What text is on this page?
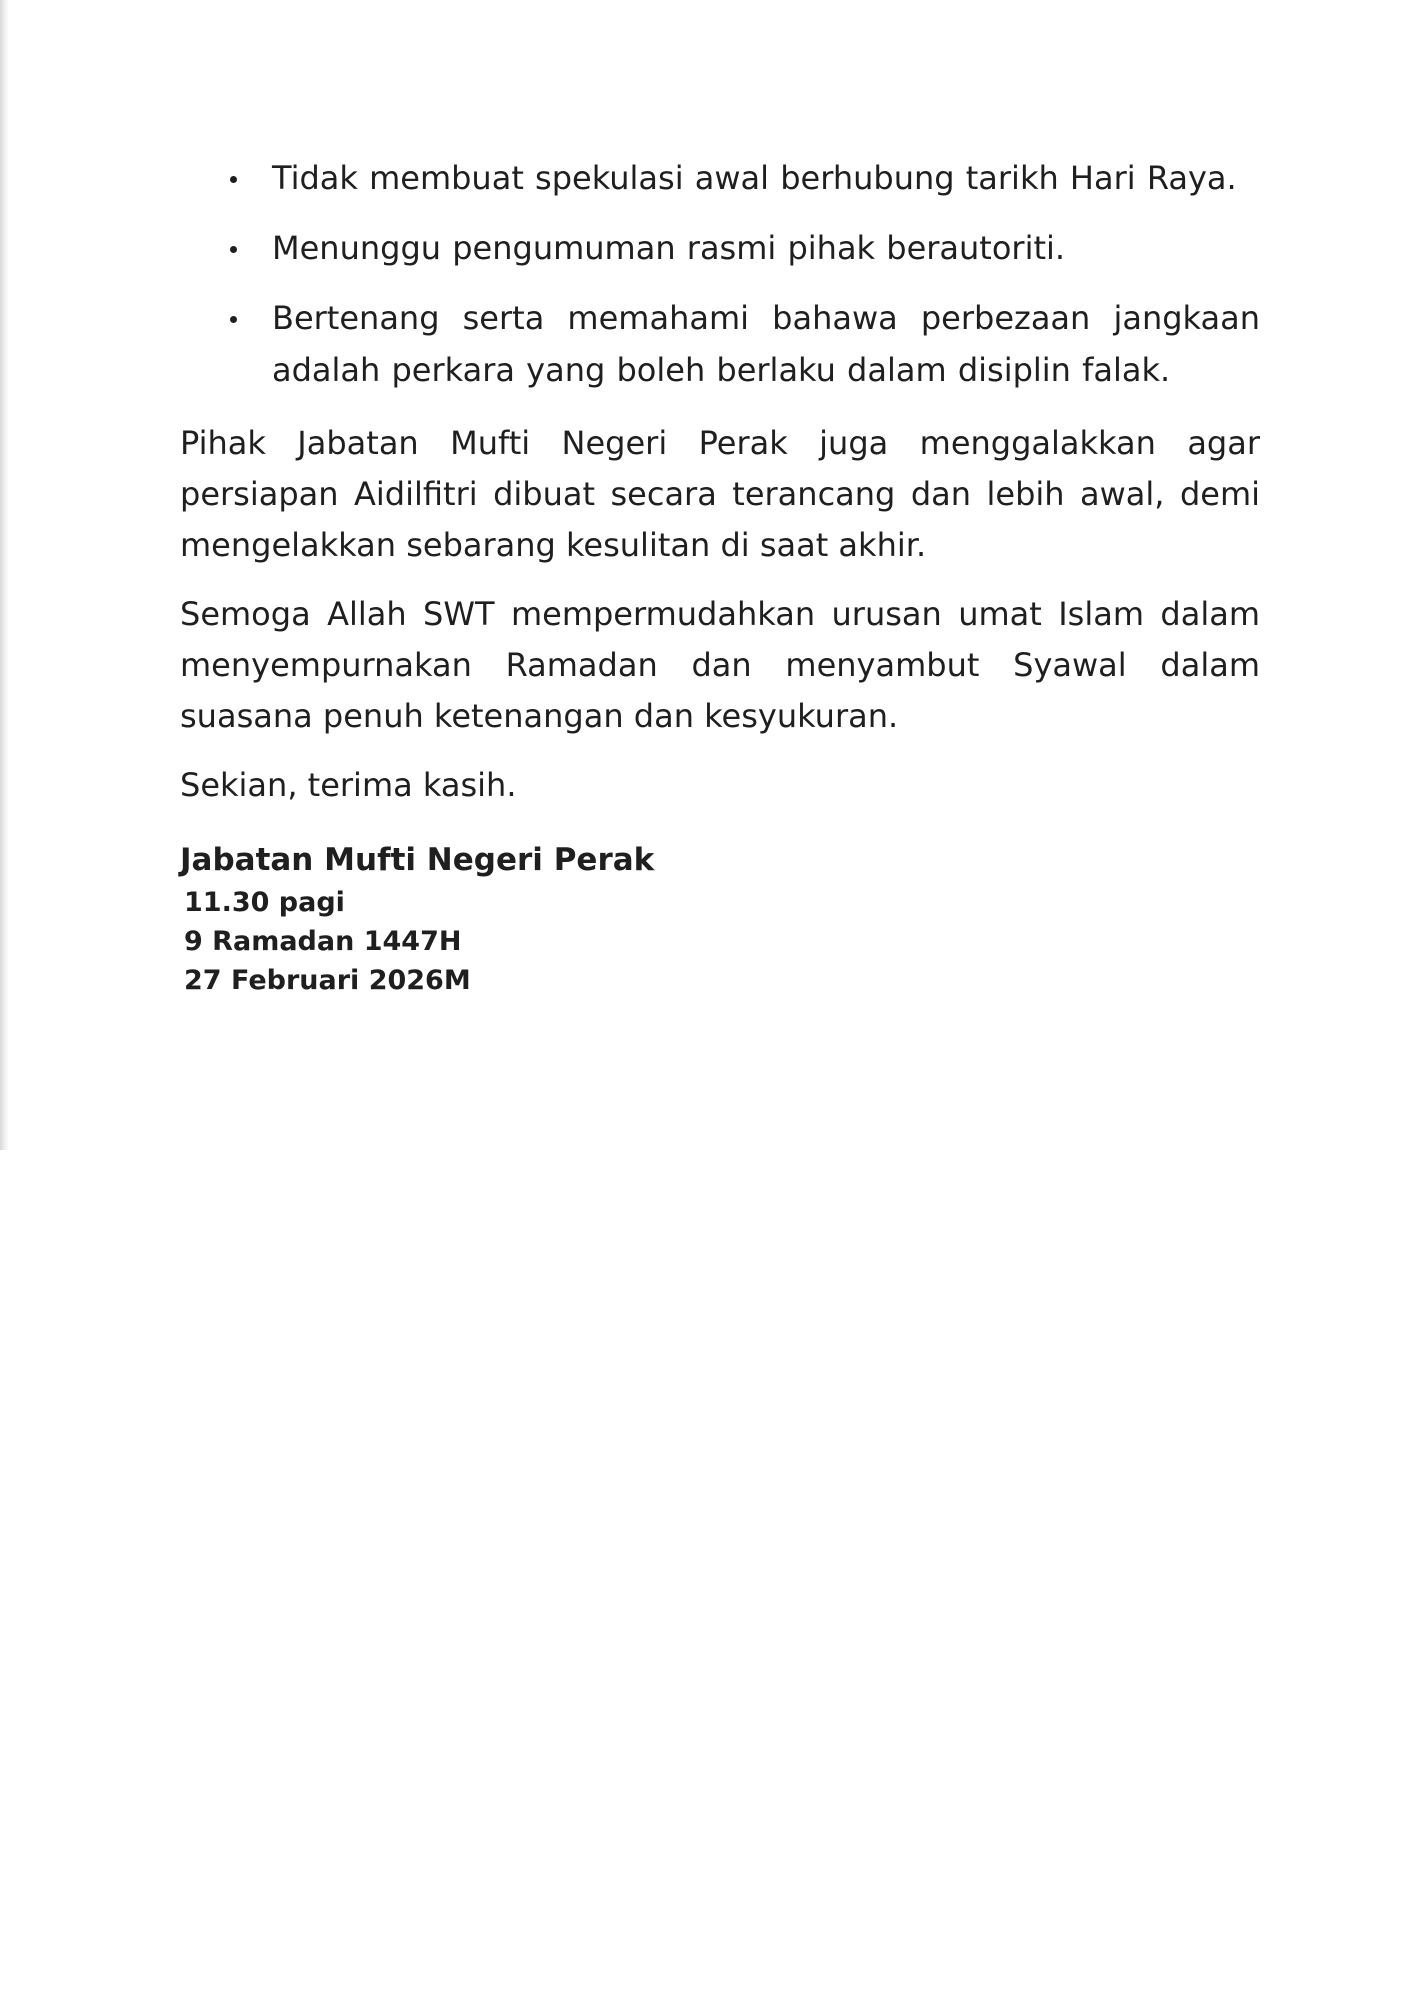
Tidak membuat spekulasi awal berhubung tarikh Hari Raya.
Menunggu pengumuman rasmi pihak berautoriti.
Bertenang serta memahami bahawa perbezaan jangkaan adalah perkara yang boleh berlaku dalam disiplin falak.

Pihak Jabatan Mufti Negeri Perak juga menggalakkan agar persiapan Aidilfitri dibuat secara terancang dan lebih awal, demi mengelakkan sebarang kesulitan di saat akhir.

Semoga Allah SWT mempermudahkan urusan umat Islam dalam menyempurnakan Ramadan dan menyambut Syawal dalam suasana penuh ketenangan dan kesyukuran.

Sekian, terima kasih.

Jabatan Mufti Negeri Perak

11.30 pagi

9 Ramadan 1447H

27 Februari 2026M
